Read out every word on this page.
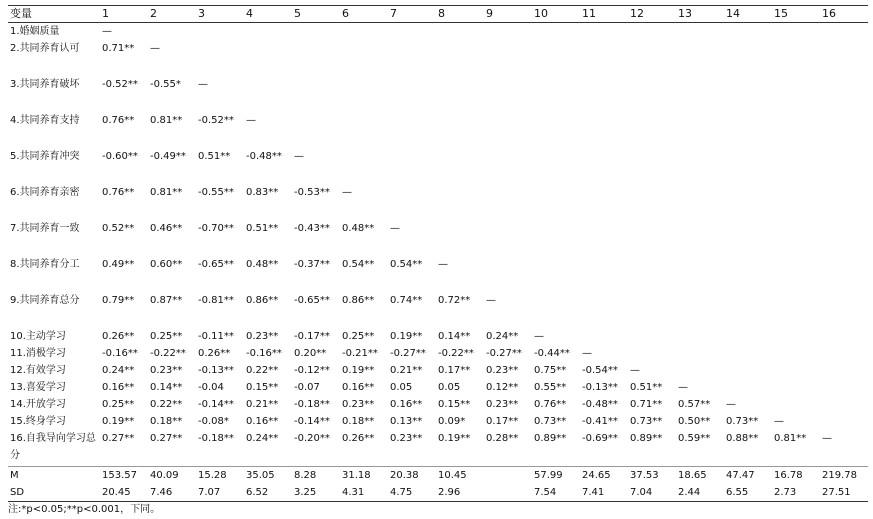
变量	1	2	3	4	5	6	7	8	9	10	11	12	13	14	15	16
1.婚姻质量	—															
2.共同养育认可	0.71**	—														
3.共同养育破坏	-0.52**	-0.55*	—													
4.共同养育支持	0.76**	0.81**	-0.52**	—												
5.共同养育冲突	-0.60**	-0.49**	0.51**	-0.48**	—											
6.共同养育亲密	0.76**	0.81**	-0.55**	0.83**	-0.53**	—										
7.共同养育一致	0.52**	0.46**	-0.70**	0.51**	-0.43**	0.48**	—									
8.共同养育分工	0.49**	0.60**	-0.65**	0.48**	-0.37**	0.54**	0.54**	—								
9.共同养育总分	0.79**	0.87**	-0.81**	0.86**	-0.65**	0.86**	0.74**	0.72**	—							
10.主动学习	0.26**	0.25**	-0.11**	0.23**	-0.17**	0.25**	0.19**	0.14**	0.24**	—						
11.消极学习	-0.16**	-0.22**	0.26**	-0.16**	0.20**	-0.21**	-0.27**	-0.22**	-0.27**	-0.44**	—					
12.有效学习	0.24**	0.23**	-0.13**	0.22**	-0.12**	0.19**	0.21**	0.17**	0.23**	0.75**	-0.54**	—				
13.喜爱学习	0.16**	0.14**	-0.04	0.15**	-0.07	0.16**	0.05	0.05	0.12**	0.55**	-0.13**	0.51**	—			
14.开放学习	0.25**	0.22**	-0.14**	0.21**	-0.18**	0.23**	0.16**	0.15**	0.23**	0.76**	-0.48**	0.71**	0.57**	—		
15.终身学习	0.19**	0.18**	-0.08*	0.16**	-0.14**	0.18**	0.13**	0.09*	0.17**	0.73**	-0.41**	0.73**	0.50**	0.73**	—	
16.自我导向学习总分	0.27**	0.27**	-0.18**	0.24**	-0.20**	0.26**	0.23**	0.19**	0.28**	0.89**	-0.69**	0.89**	0.59**	0.88**	0.81**	—
M	153.57	40.09	15.28	35.05	8.28	31.18	20.38	10.45		57.99	24.65	37.53	18.65	47.47	16.78	219.78
SD	20.45	7.46	7.07	6.52	3.25	4.31	4.75	2.96		7.54	7.41	7.04	2.44	6.55	2.73	27.51
注:*p<0.05;**p<0.001，下同。
